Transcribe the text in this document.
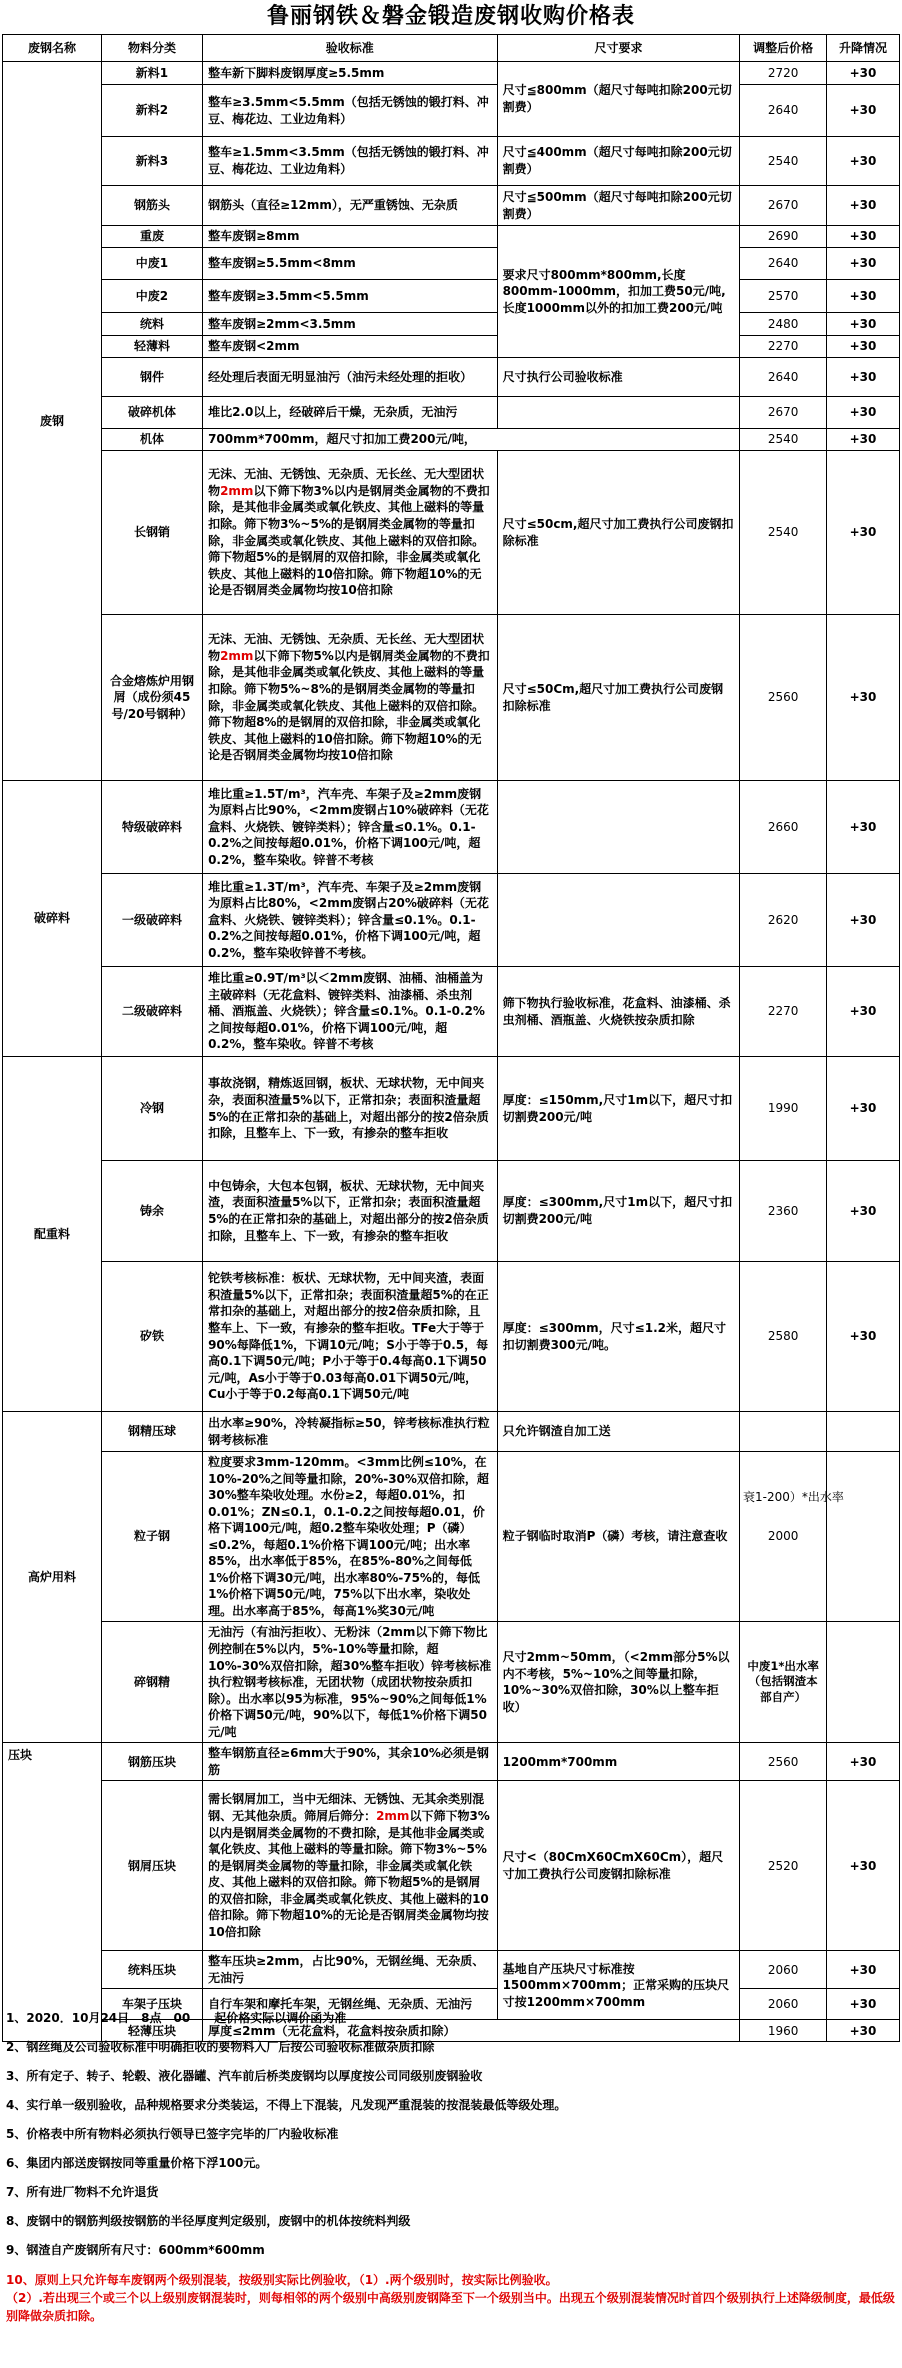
鲁丽钢铁＆磐金锻造废钢收购价格表
废钢名称	物料分类	验收标准	尺寸要求	调整后价格	升降情况
废钢	新料1	整车新下脚料废钢厚度≥5.5mm	尺寸≦800mm（超尺寸每吨扣除200元切割费）	2720	+30
	新料2	整车≥3.5mm<5.5mm（包括无锈蚀的锻打料、冲豆、梅花边、工业边角料）		2640	+30
	新料3	整车≥1.5mm<3.5mm（包括无锈蚀的锻打料、冲豆、梅花边、工业边角料）	尺寸≦400mm（超尺寸每吨扣除200元切割费）	2540	+30
	钢筋头	钢筋头（直径≥12mm），无严重锈蚀、无杂质	尺寸≦500mm（超尺寸每吨扣除200元切割费）	2670	+30
	重废	整车废钢≥8mm	要求尺寸800mm*800mm,长度800mm-1000mm，扣加工费50元/吨,长度1000mm以外的扣加工费200元/吨	2690	+30
	中废1	整车废钢≥5.5mm<8mm		2640	+30
	中废2	整车废钢≥3.5mm<5.5mm		2570	+30
	统料	整车废钢≥2mm<3.5mm		2480	+30
	轻薄料	整车废钢<2mm		2270	+30
	钢件	经处理后表面无明显油污（油污未经处理的拒收）	尺寸执行公司验收标准	2640	+30
	破碎机体	堆比2.0以上，经破碎后干燥，无杂质，无油污		2670	+30
	机体	700mm*700mm，超尺寸扣加工费200元/吨，		2540	+30
	长钢销	无沫、无油、无锈蚀、无杂质、无长丝、无大型团状物2mm以下筛下物3%以内是钢屑类金属物的不费扣除，是其他非金属类或氧化铁皮、其他上磁料的等量扣除。筛下物3%~5%的是钢屑类金属物的等量扣除，非金属类或氧化铁皮、其他上磁料的双倍扣除。筛下物超5%的是钢屑的双倍扣除，非金属类或氧化铁皮、其他上磁料的10倍扣除。筛下物超10%的无论是否钢屑类金属物均按10倍扣除	尺寸≤50cm,超尺寸加工费执行公司废钢扣除标准	2540	+30
	合金熔炼炉用钢屑（成份须45号/20号钢种）	无沫、无油、无锈蚀、无杂质、无长丝、无大型团状物2mm以下筛下物5%以内是钢屑类金属物的不费扣除，是其他非金属类或氧化铁皮、其他上磁料的等量扣除。筛下物5%~8%的是钢屑类金属物的等量扣除，非金属类或氧化铁皮、其他上磁料的双倍扣除。筛下物超8%的是钢屑的双倍扣除，非金属类或氧化铁皮、其他上磁料的10倍扣除。筛下物超10%的无论是否钢屑类金属物均按10倍扣除	尺寸≤50Cm,超尺寸加工费执行公司废钢扣除标准	2560	+30
破碎料	特级破碎料	堆比重≥1.5T/m³，汽车壳、车架子及≥2mm废钢为原料占比90%，<2mm废钢占10%破碎料（无花盒料、火烧铁、镀锌类料）；锌含量≤0.1%。0.1-0.2%之间按每超0.01%，价格下调100元/吨，超0.2%，整车染收。锌普不考核		2660	+30
	一级破碎料	堆比重≥1.3T/m³，汽车壳、车架子及≥2mm废钢为原料占比80%，<2mm废钢占20%破碎料（无花盒料、火烧铁、镀锌类料）；锌含量≤0.1%。0.1-0.2%之间按每超0.01%，价格下调100元/吨，超0.2%，整车染收锌普不考核。		2620	+30
	二级破碎料	堆比重≥0.9T/m³以＜2mm废钢、油桶、油桶盖为主破碎料（无花盒料、镀锌类料、油漆桶、杀虫剂桶、酒瓶盖、火烧铁）；锌含量≤0.1%。0.1-0.2%之间按每超0.01%，价格下调100元/吨，超0.2%，整车染收。锌普不考核	筛下物执行验收标准，花盒料、油漆桶、杀虫剂桶、酒瓶盖、火烧铁按杂质扣除	2270	+30
配重料	冷钢	事故浇钢，精炼返回钢，板状、无球状物，无中间夹杂，表面积渣量5%以下，正常扣杂；表面积渣量超5%的在正常扣杂的基础上，对超出部分的按2倍杂质扣除，且整车上、下一致，有掺杂的整车拒收	厚度：≤150mm,尺寸1m以下，超尺寸扣切割费200元/吨	1990	+30
	铸余	中包铸余，大包本包钢，板状、无球状物，无中间夹渣，表面积渣量5%以下，正常扣杂；表面积渣量超5%的在正常扣杂的基础上，对超出部分的按2倍杂质扣除，且整车上、下一致，有掺杂的整车拒收	厚度：≤300mm,尺寸1m以下，超尺寸扣切割费200元/吨	2360	+30
	矽铁	铊铁考核标准：板状、无球状物，无中间夹渣，表面积渣量5%以下，正常扣杂；表面积渣量超5%的在正常扣杂的基础上，对超出部分的按2倍杂质扣除，且整车上、下一致，有掺杂的整车拒收。TFe大于等于90%每降低1%，下调10元/吨；S小于等于0.5，每高0.1下调50元/吨；P小于等于0.4每高0.1下调50元/吨，As小于等于0.03每高0.01下调50元/吨，Cu小于等于0.2每高0.1下调50元/吨	厚度：≤300mm，尺寸≤1.2米，超尺寸扣切割费300元/吨。	2580	+30
高炉用料	钢精压球	出水率≥90%，冷转凝指标≥50，锌考核标准执行粒钢考核标准	只允许钢渣自加工送		
	粒子钢	粒度要求3mm-120mm。<3mm比例≤10%，在10%-20%之间等量扣除，20%-30%双倍扣除，超30%整车染收处理。水份≥2，每超0.01%，扣0.01%；ZN≤0.1，0.1-0.2之间按每超0.01，价格下调100元/吨，超0.2整车染收处理；P（磷）≤0.2%，每超0.1%价格下调100元/吨；出水率85%，出水率低于85%，在85%-80%之间每低1%价格下调30元/吨，出水率80%-75%的，每低1%价格下调50元/吨，75%以下出水率，染收处理。出水率高于85%，每高1%奖30元/吨	粒子钢临时取消P（磷）考核，请注意查收	2000	
	碎钢精	无油污（有油污拒收）、无粉沫（2mm以下筛下物比例控制在5%以内，5%-10%等量扣除，超10%-30%双倍扣除，超30%整车拒收）锌考核标准执行粒钢考核标准，无团状物（成团状物按杂质扣除）。出水率以95为标准，95%~90%之间每低1%价格下调50元/吨，90%以下，每低1%价格下调50元/吨	尺寸2mm~50mm，（<2mm部分5%以内不考核，5%~10%之间等量扣除，10%~30%双倍扣除，30%以上整车拒收）	中废1*出水率（包括钢渣本部自产）	
压块	钢筋压块	整车钢筋直径≥6mm大于90%，其余10%必须是钢筋	1200mm*700mm	2560	+30
	钢屑压块	需长钢屑加工，当中无细沫、无锈蚀、无其余类别混钢、无其他杂质。筛屑后筛分：2mm以下筛下物3%以内是钢屑类金属物的不费扣除，是其他非金属类或氧化铁皮、其他上磁料的等量扣除。筛下物3%~5%的是钢屑类金属物的等量扣除，非金属类或氧化铁皮、其他上磁料的双倍扣除。筛下物超5%的是钢屑的双倍扣除，非金属类或氧化铁皮、其他上磁料的10倍扣除。筛下物超10%的无论是否钢屑类金属物均按10倍扣除	尺寸<（80CmX60CmX60Cm），超尺寸加工费执行公司废钢扣除标准	2520	+30
	统料压块	整车压块≥2mm，占比90%，无钢丝绳、无杂质、无油污	基地自产压块尺寸标准按1500mm×700mm；正常采购的压块尺寸按1200mm×700mm	2060	+30
	车架子压块	自行车架和摩托车架，无钢丝绳、无杂质、无油污		2060	+30
	轻薄压块	厚度≤2mm（无花盒料，花盒料按杂质扣除）		1960	+30
衰1-200）*出水率
1、2020．10月24日　8点　00　　起价格实际以调价函为准
2、钢丝绳及公司验收标准中明确拒收的要物料入厂后按公司验收标准做杂质扣除
3、所有定子、转子、轮毂、液化器罐、汽车前后桥类废钢均以厚度按公司同级别废钢验收
4、实行单一级别验收，品种规格要求分类装运，不得上下混装，凡发现严重混装的按混装最低等级处理。
5、价格表中所有物料必须执行领导已签字完毕的厂内验收标准
6、集团内部送废钢按同等重量价格下浮100元。
7、所有进厂物料不允许退货
8、废钢中的钢筋判级按钢筋的半径厚度判定级别，废钢中的机体按统料判级
9、钢渣自产废钢所有尺寸：600mm*600mm
10、原则上只允许每车废钢两个级别混装，按级别实际比例验收，（1）.两个级别时，按实际比例验收。
（2）.若出现三个或三个以上级别废钢混装时，则每相邻的两个级别中高级别废钢降至下一个级别当中。出现五个级别混装情况时首四个级别执行上述降级制度，最低级别降做杂质扣除。
